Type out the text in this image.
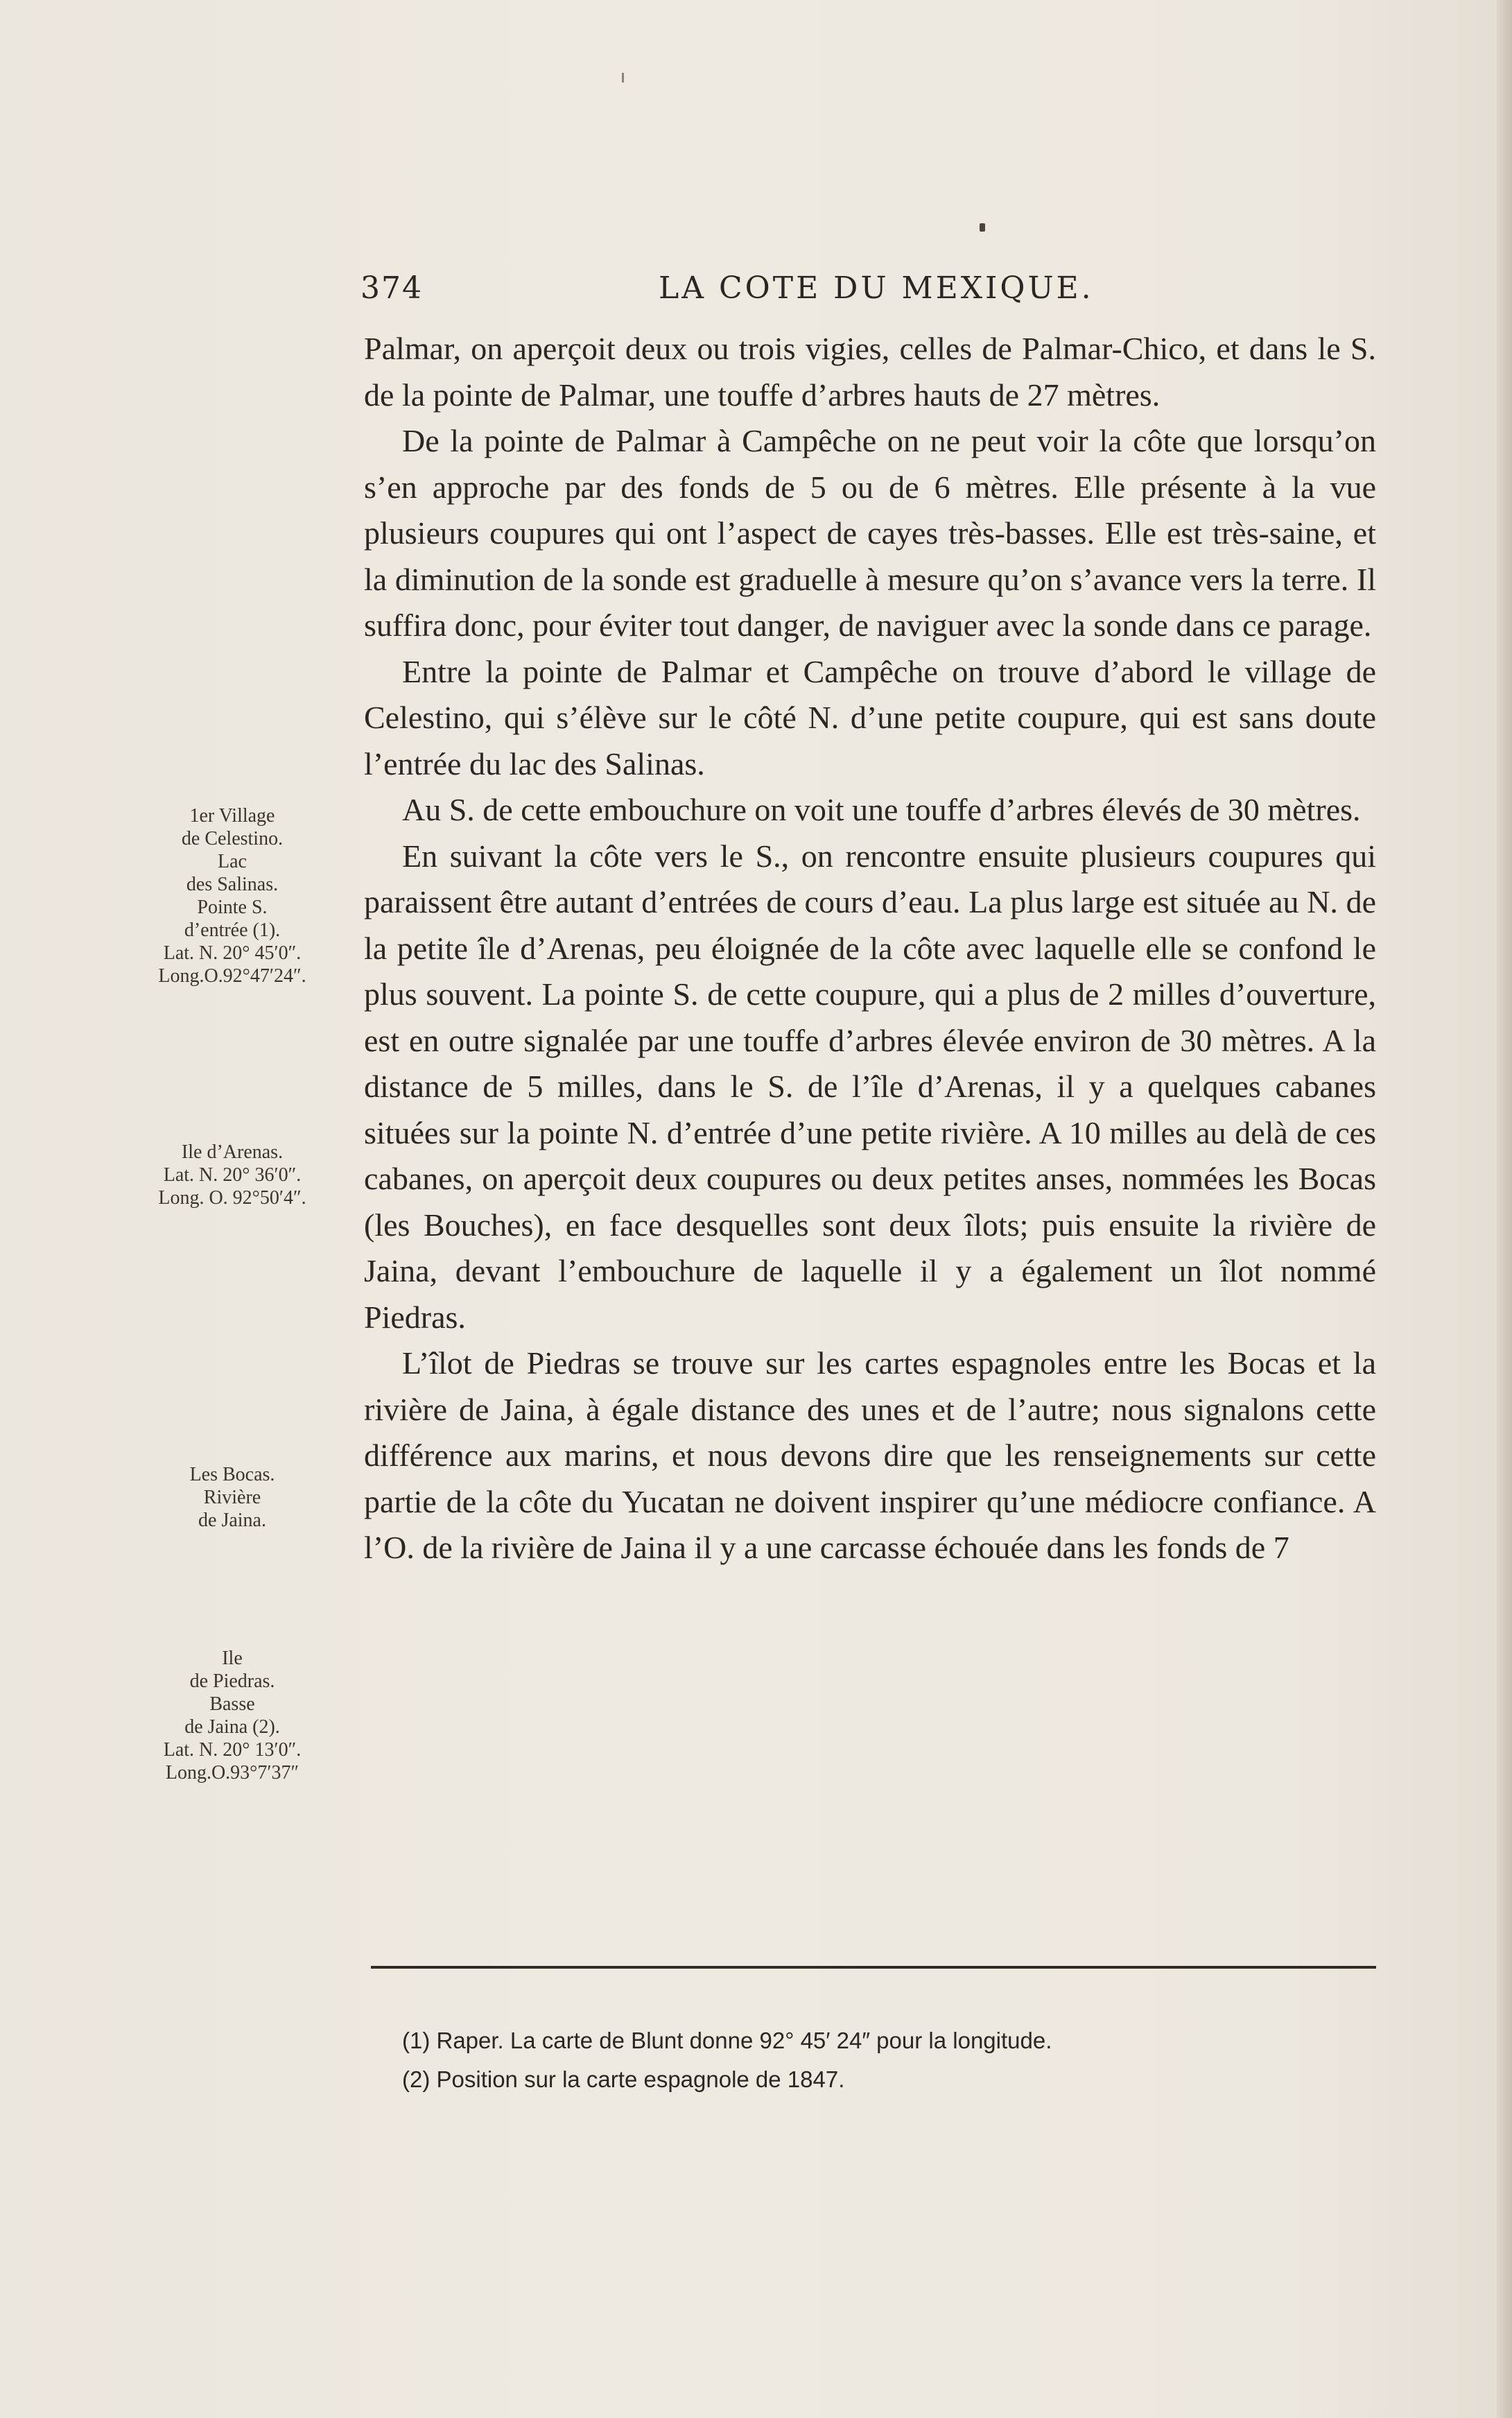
374	LA COTE DU MEXIQUE.
1er Village
de Celestino.
Lac
des Salinas.
Pointe S.
d’entrée (1).
Lat. N. 20° 45′0″.
Long.O.92°47′24″.
Ile d’Arenas.
Lat. N. 20° 36′0″.
Long. O. 92°50′4″.
Les Bocas.
Rivière
de Jaina.
Ile
de Piedras.
Basse
de Jaina (2).
Lat. N. 20° 13′0″.
Long.O.93°7′37″

Palmar, on aperçoit deux ou trois vigies, celles de Palmar-Chico, et dans le S. de la pointe de Palmar, une touffe d’arbres hauts de 27 mètres.

De la pointe de Palmar à Campêche on ne peut voir la côte que lorsqu’on s’en approche par des fonds de 5 ou de 6 mètres. Elle présente à la vue plusieurs coupures qui ont l’aspect de cayes très-basses. Elle est très-saine, et la diminution de la sonde est graduelle à mesure qu’on s’avance vers la terre. Il suffira donc, pour éviter tout danger, de naviguer avec la sonde dans ce parage.

Entre la pointe de Palmar et Campêche on trouve d’abord le village de Celestino, qui s’élève sur le côté N. d’une petite coupure, qui est sans doute l’entrée du lac des Salinas.

Au S. de cette embouchure on voit une touffe d’arbres élevés de 30 mètres.

En suivant la côte vers le S., on rencontre ensuite plusieurs coupures qui paraissent être autant d’entrées de cours d’eau. La plus large est située au N. de la petite île d’Arenas, peu éloignée de la côte avec laquelle elle se confond le plus souvent. La pointe S. de cette coupure, qui a plus de 2 milles d’ouverture, est en outre signalée par une touffe d’arbres élevée environ de 30 mètres. A la distance de 5 milles, dans le S. de l’île d’Arenas, il y a quelques cabanes situées sur la pointe N. d’entrée d’une petite rivière. A 10 milles au delà de ces cabanes, on aperçoit deux coupures ou deux petites anses, nommées les Bocas (les Bouches), en face desquelles sont deux îlots; puis ensuite la rivière de Jaina, devant l’embouchure de laquelle il y a également un îlot nommé Piedras.

L’îlot de Piedras se trouve sur les cartes espagnoles entre les Bocas et la rivière de Jaina, à égale distance des unes et de l’autre; nous signalons cette différence aux marins, et nous devons dire que les renseignements sur cette partie de la côte du Yucatan ne doivent inspirer qu’une médiocre confiance. A l’O. de la rivière de Jaina il y a une carcasse échouée dans les fonds de 7

(1) Raper. La carte de Blunt donne 92° 45′ 24″ pour la longitude.
(2) Position sur la carte espagnole de 1847.
